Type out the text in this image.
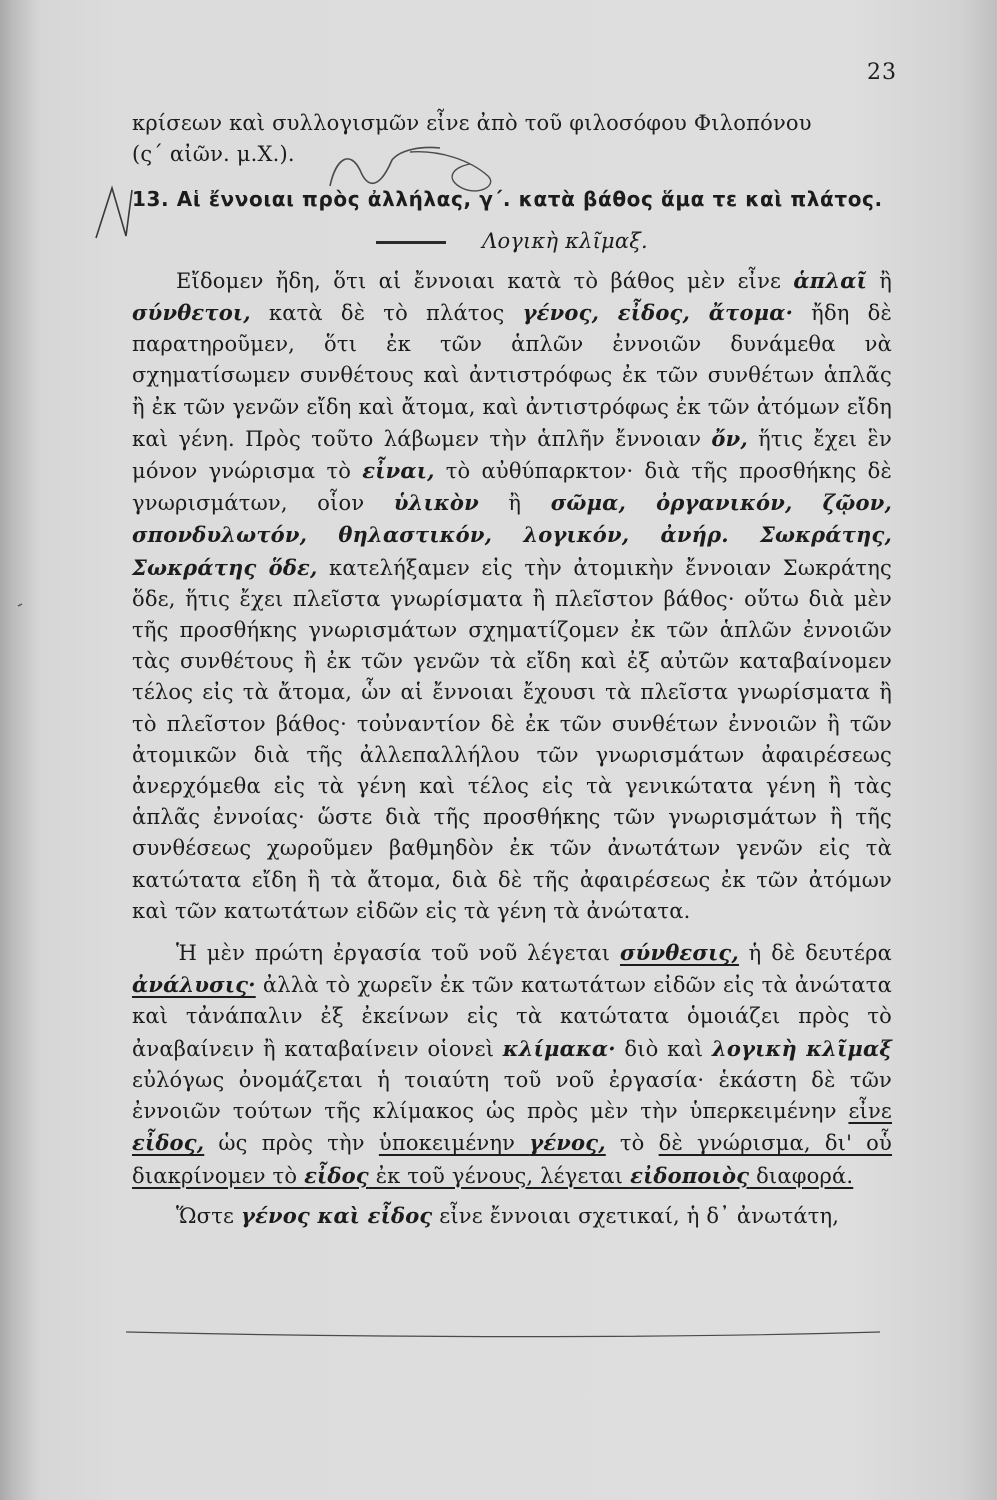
23

κρίσεων καὶ συλλογισμῶν εἶνε ἀπὸ τοῦ φιλοσόφου Φιλοπόνου

(ς΄ αἰῶν. μ.Χ.).

13. Αἱ ἔννοιαι πρὸς ἀλλήλας, γ΄. κατὰ βάθος ἅμα τε καὶ πλάτος.

Λογικὴ κλῖμαξ.

Εἴδομεν ἤδη, ὅτι αἱ ἔννοιαι κατὰ τὸ βάθος μὲν εἶνε ἁπλαῖ ἢ σύνθετοι, κατὰ δὲ τὸ πλάτος γένος, εἶδος, ἄτομα· ἤδη δὲ παρατηροῦμεν, ὅτι ἐκ τῶν ἁπλῶν ἐννοιῶν δυνάμεθα νὰ σχηματίσωμεν συνθέτους καὶ ἀντιστρόφως ἐκ τῶν συνθέτων ἁπλᾶς ἢ ἐκ τῶν γενῶν εἴδη καὶ ἄτομα, καὶ ἀντιστρόφως ἐκ τῶν ἀτόμων εἴδη καὶ γένη. Πρὸς τοῦτο λάβωμεν τὴν ἁπλῆν ἔννοιαν ὄν, ἥτις ἔχει ἓν μόνον γνώρισμα τὸ εἶναι, τὸ αὐθύπαρκτον· διὰ τῆς προσθήκης δὲ γνωρισμάτων, οἷον ὑλικὸν ἢ σῶμα, ὀργανικόν, ζῷον, σπονδυλωτόν, θηλαστικόν, λογικόν, ἀνήρ. Σωκράτης, Σωκράτης ὅδε, κατελήξαμεν εἰς τὴν ἀτομικὴν ἔννοιαν Σωκράτης ὅδε, ἥτις ἔχει πλεῖστα γνωρίσματα ἢ πλεῖστον βάθος· οὕτω διὰ μὲν τῆς προσθήκης γνωρισμάτων σχηματίζομεν ἐκ τῶν ἁπλῶν ἐννοιῶν τὰς συνθέτους ἢ ἐκ τῶν γενῶν τὰ εἴδη καὶ ἐξ αὐτῶν καταβαίνομεν τέλος εἰς τὰ ἄτομα, ὧν αἱ ἔννοιαι ἔχουσι τὰ πλεῖστα γνωρίσματα ἢ τὸ πλεῖστον βάθος· τοὐναντίον δὲ ἐκ τῶν συνθέτων ἐννοιῶν ἢ τῶν ἀτομικῶν διὰ τῆς ἀλλεπαλλήλου τῶν γνωρισμάτων ἀφαιρέσεως ἀνερχόμεθα εἰς τὰ γένη καὶ τέλος εἰς τὰ γενικώτατα γένη ἢ τὰς ἁπλᾶς ἐννοίας· ὥστε διὰ τῆς προσθήκης τῶν γνωρισμάτων ἢ τῆς συνθέσεως χωροῦμεν βαθμηδὸν ἐκ τῶν ἀνωτάτων γενῶν εἰς τὰ κατώτατα εἴδη ἢ τὰ ἄτομα, διὰ δὲ τῆς ἀφαιρέσεως ἐκ τῶν ἀτόμων καὶ τῶν κατωτάτων εἰδῶν εἰς τὰ γένη τὰ ἀνώτατα.

Ἡ μὲν πρώτη ἐργασία τοῦ νοῦ λέγεται σύνθεσις, ἡ δὲ δευτέρα ἀνάλυσις· ἀλλὰ τὸ χωρεῖν ἐκ τῶν κατωτάτων εἰδῶν εἰς τὰ ἀνώτατα καὶ τἀνάπαλιν ἐξ ἐκείνων εἰς τὰ κατώτατα ὁμοιάζει πρὸς τὸ ἀναβαίνειν ἢ καταβαίνειν οἱονεὶ κλίμακα· διὸ καὶ λογικὴ κλῖμαξ εὐλόγως ὀνομάζεται ἡ τοιαύτη τοῦ νοῦ ἐργασία· ἑκάστη δὲ τῶν ἐννοιῶν τούτων τῆς κλίμακος ὡς πρὸς μὲν τὴν ὑπερκειμένην εἶνε εἶδος, ὡς πρὸς τὴν ὑποκειμένην γένος, τὸ δὲ γνώρισμα, δι' οὗ διακρίνομεν τὸ εἶδος ἐκ τοῦ γένους, λέγεται εἰδοποιὸς διαφορά.

Ὥστε γένος καὶ εἶδος εἶνε ἔννοιαι σχετικαί, ἡ δ᾽ ἀνωτάτη,
